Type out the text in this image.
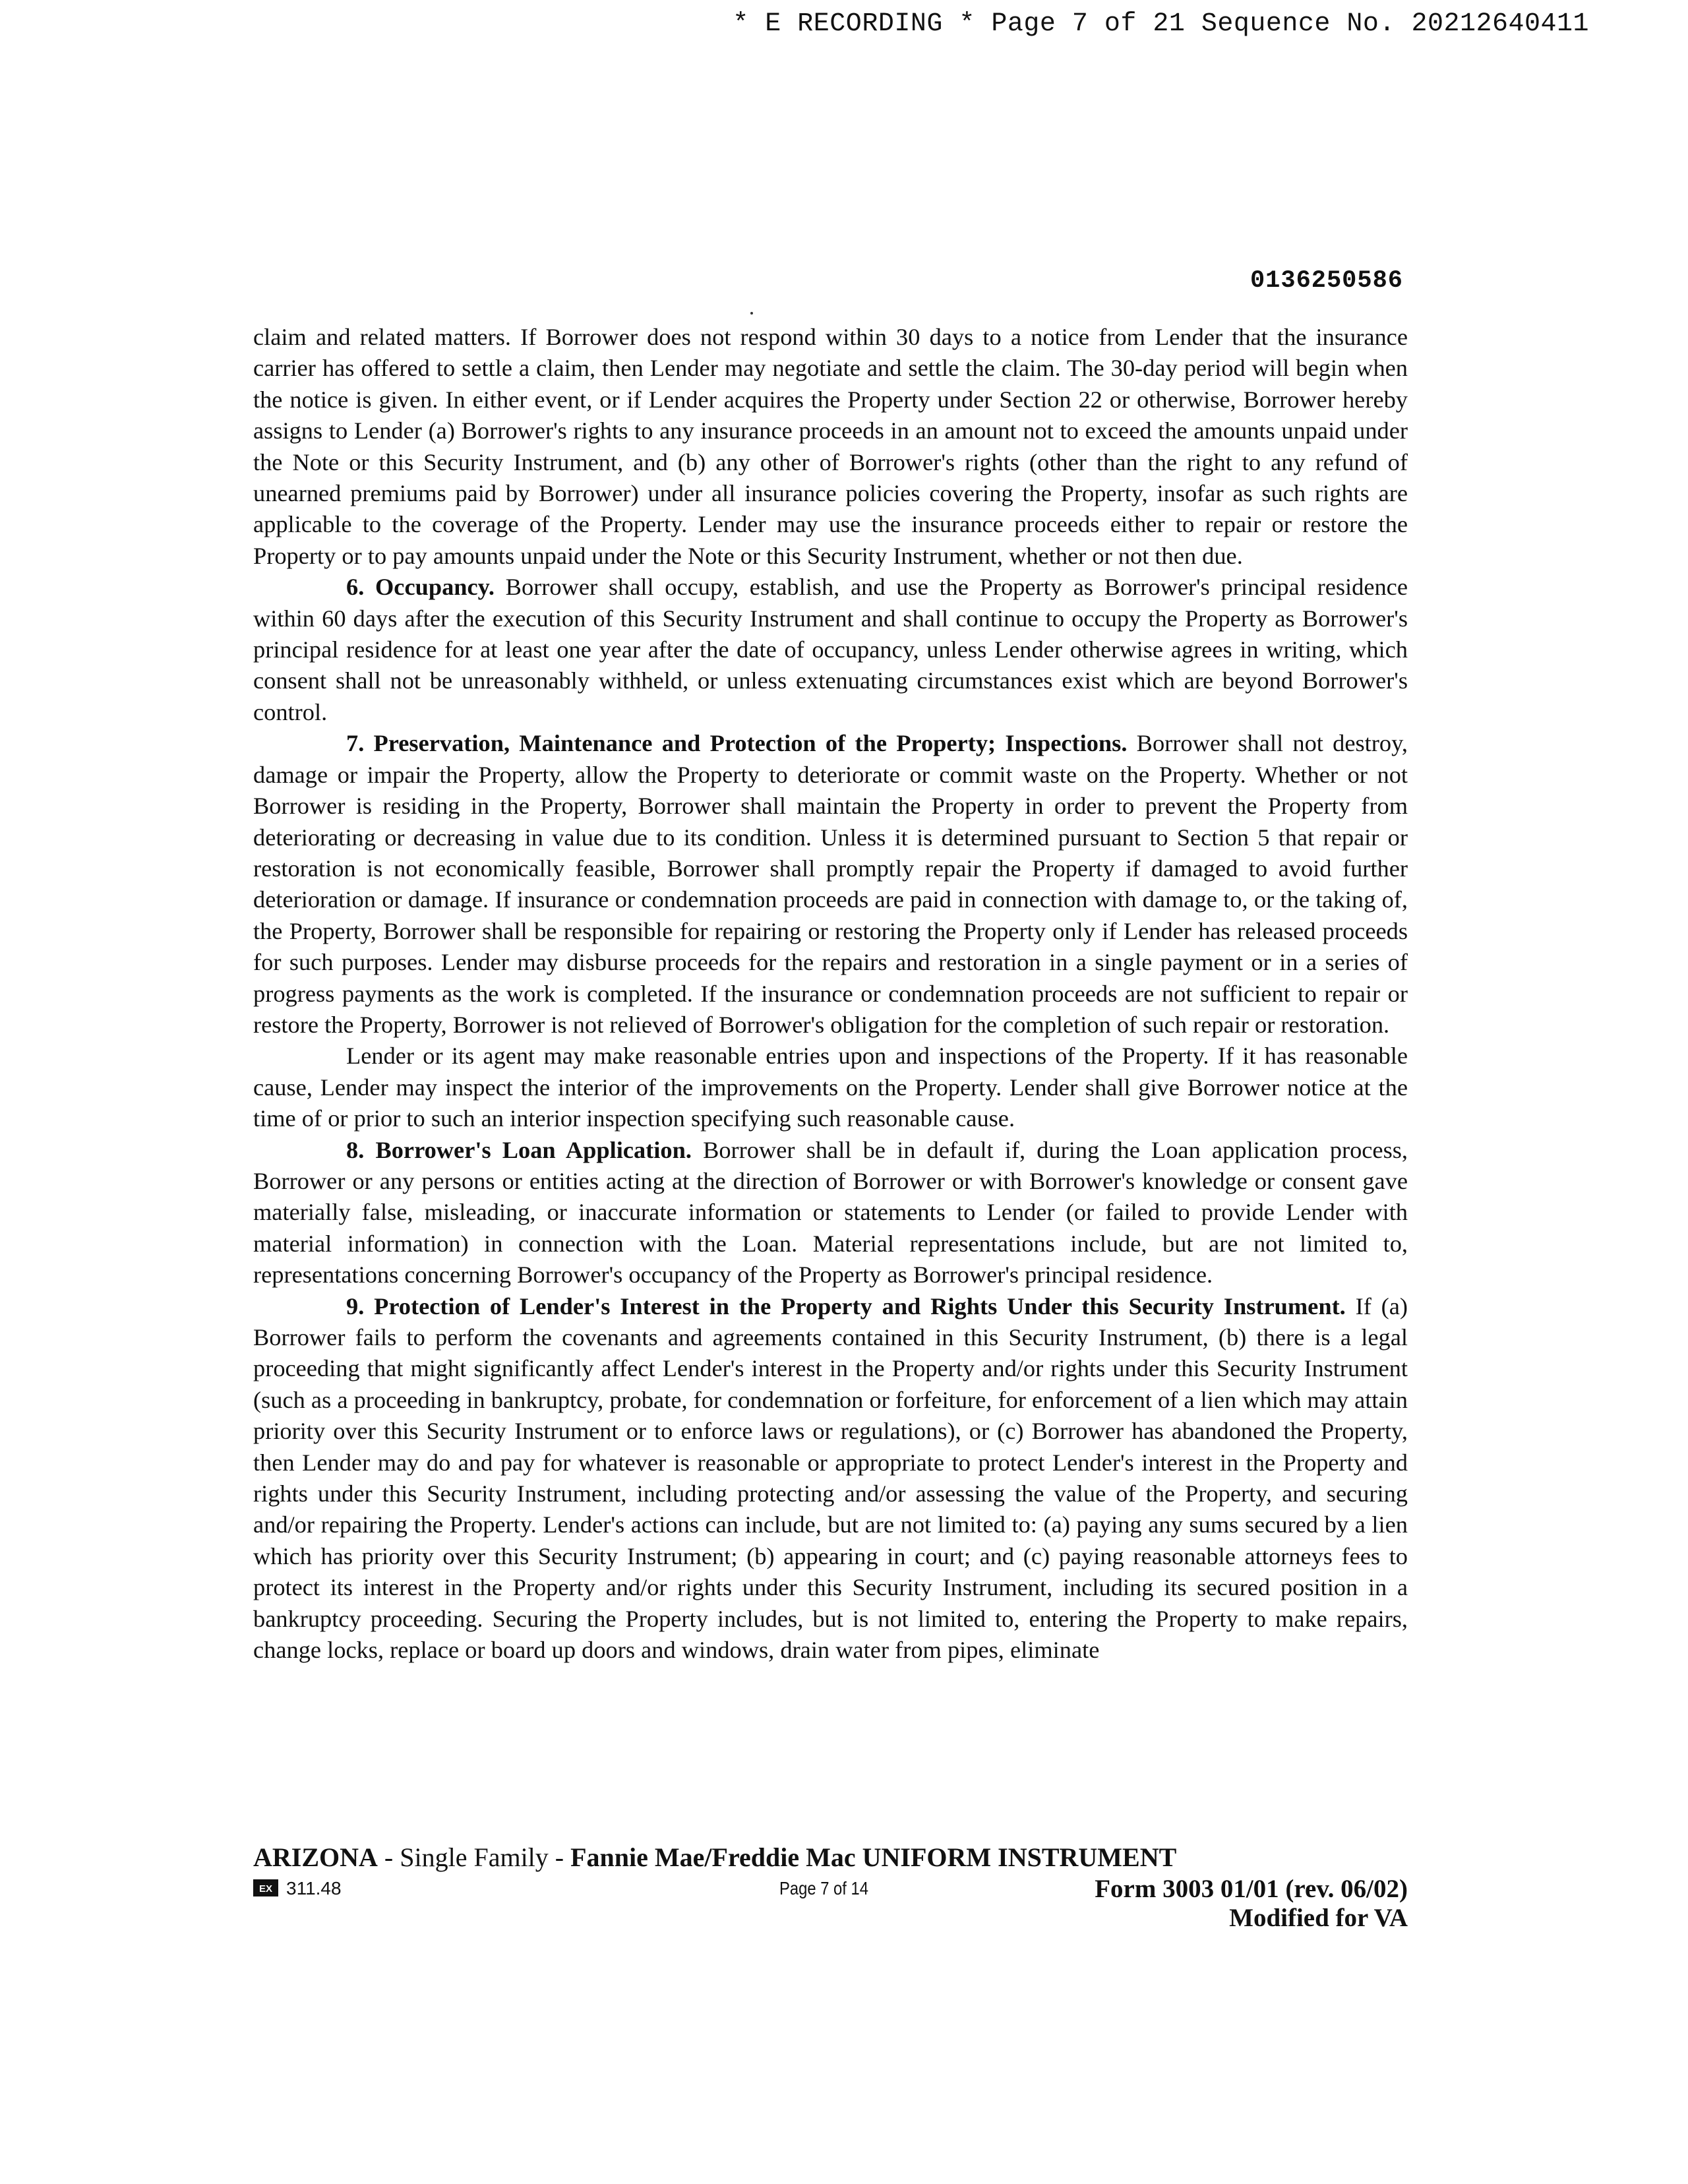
* E RECORDING * Page 7 of 21 Sequence No. 20212640411
0136250586

claim and related matters. If Borrower does not respond within 30 days to a notice from Lender that the insurance carrier has offered to settle a claim, then Lender may negotiate and settle the claim. The 30-day period will begin when the notice is given. In either event, or if Lender acquires the Property under Section 22 or otherwise, Borrower hereby assigns to Lender (a) Borrower's rights to any insurance proceeds in an amount not to exceed the amounts unpaid under the Note or this Security Instrument, and (b) any other of Borrower's rights (other than the right to any refund of unearned premiums paid by Borrower) under all insurance policies covering the Property, insofar as such rights are applicable to the coverage of the Property. Lender may use the insurance proceeds either to repair or restore the Property or to pay amounts unpaid under the Note or this Security Instrument, whether or not then due.

6. Occupancy. Borrower shall occupy, establish, and use the Property as Borrower's principal residence within 60 days after the execution of this Security Instrument and shall continue to occupy the Property as Borrower's principal residence for at least one year after the date of occupancy, unless Lender otherwise agrees in writing, which consent shall not be unreasonably withheld, or unless extenuating circumstances exist which are beyond Borrower's control.

7. Preservation, Maintenance and Protection of the Property; Inspections. Borrower shall not destroy, damage or impair the Property, allow the Property to deteriorate or commit waste on the Property. Whether or not Borrower is residing in the Property, Borrower shall maintain the Property in order to prevent the Property from deteriorating or decreasing in value due to its condition. Unless it is determined pursuant to Section 5 that repair or restoration is not economically feasible, Borrower shall promptly repair the Property if damaged to avoid further deterioration or damage. If insurance or condemnation proceeds are paid in connection with damage to, or the taking of, the Property, Borrower shall be responsible for repairing or restoring the Property only if Lender has released proceeds for such purposes. Lender may disburse proceeds for the repairs and restoration in a single payment or in a series of progress payments as the work is completed. If the insurance or condemnation proceeds are not sufficient to repair or restore the Property, Borrower is not relieved of Borrower's obligation for the completion of such repair or restoration.

Lender or its agent may make reasonable entries upon and inspections of the Property. If it has reasonable cause, Lender may inspect the interior of the improvements on the Property. Lender shall give Borrower notice at the time of or prior to such an interior inspection specifying such reasonable cause.

8. Borrower's Loan Application. Borrower shall be in default if, during the Loan application process, Borrower or any persons or entities acting at the direction of Borrower or with Borrower's knowledge or consent gave materially false, misleading, or inaccurate information or statements to Lender (or failed to provide Lender with material information) in connection with the Loan. Material representations include, but are not limited to, representations concerning Borrower's occupancy of the Property as Borrower's principal residence.

9. Protection of Lender's Interest in the Property and Rights Under this Security Instrument. If (a) Borrower fails to perform the covenants and agreements contained in this Security Instrument, (b) there is a legal proceeding that might significantly affect Lender's interest in the Property and/or rights under this Security Instrument (such as a proceeding in bankruptcy, probate, for condemnation or forfeiture, for enforcement of a lien which may attain priority over this Security Instrument or to enforce laws or regulations), or (c) Borrower has abandoned the Property, then Lender may do and pay for whatever is reasonable or appropriate to protect Lender's interest in the Property and rights under this Security Instrument, including protecting and/or assessing the value of the Property, and securing and/or repairing the Property. Lender's actions can include, but are not limited to: (a) paying any sums secured by a lien which has priority over this Security Instrument; (b) appearing in court; and (c) paying reasonable attorneys fees to protect its interest in the Property and/or rights under this Security Instrument, including its secured position in a bankruptcy proceeding. Securing the Property includes, but is not limited to, entering the Property to make repairs, change locks, replace or board up doors and windows, drain water from pipes, eliminate

ARIZONA - Single Family - Fannie Mae/Freddie Mac UNIFORM INSTRUMENT
EX 311.48	Page 7 of 14	Form 3003 01/01 (rev. 06/02)
Modified for VA
